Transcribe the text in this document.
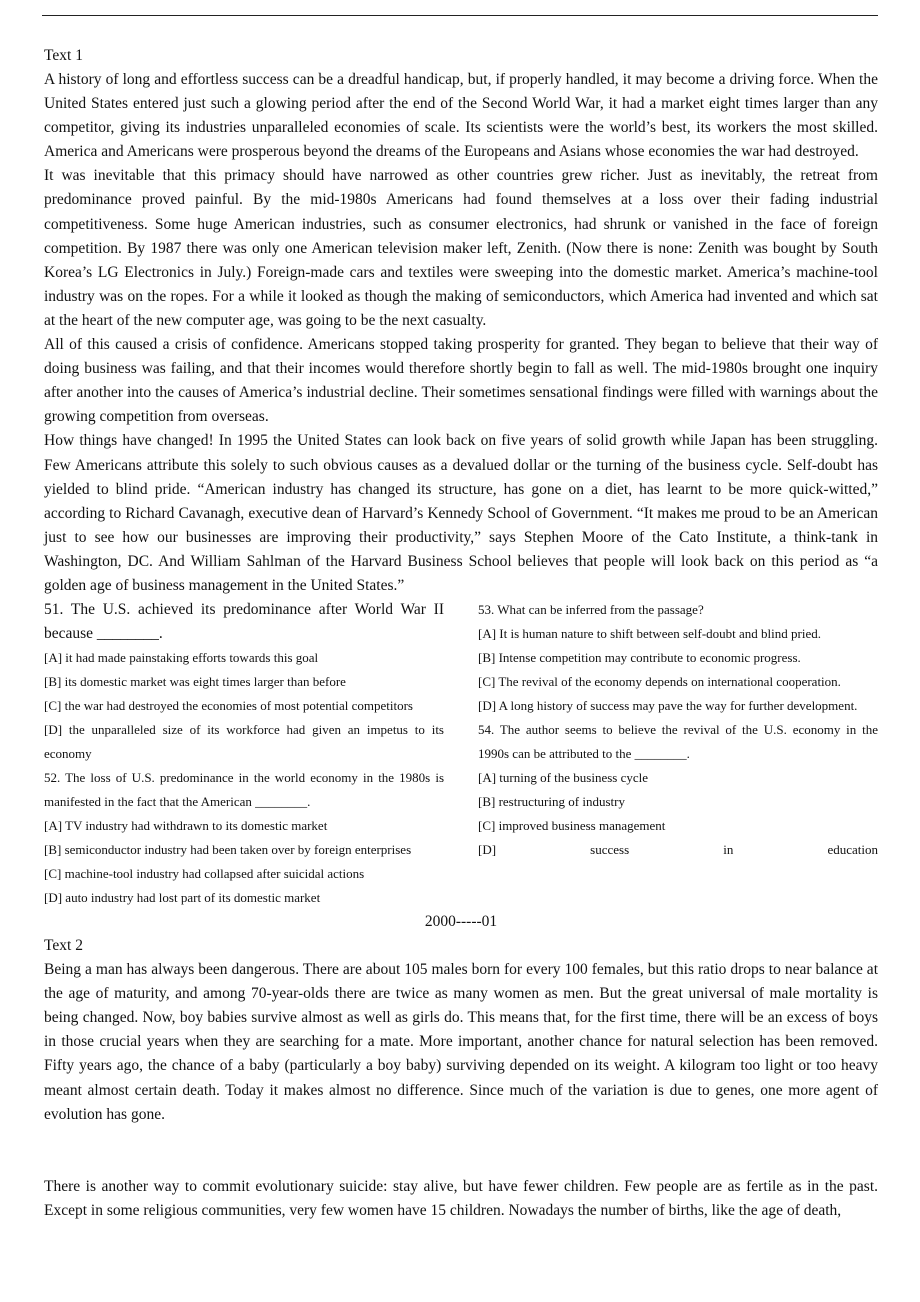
Text 1

A history of long and effortless success can be a dreadful handicap, but, if properly handled, it may become a driving force. When the United States entered just such a glowing period after the end of the Second World War, it had a market eight times larger than any competitor, giving its industries unparalleled economies of scale. Its scientists were the world’s best, its workers the most skilled. America and Americans were prosperous beyond the dreams of the Europeans and Asians whose economies the war had destroyed.

It was inevitable that this primacy should have narrowed as other countries grew richer. Just as inevitably, the retreat from predominance proved painful. By the mid-1980s Americans had found themselves at a loss over their fading industrial competitiveness. Some huge American industries, such as consumer electronics, had shrunk or vanished in the face of foreign competition. By 1987 there was only one American television maker left, Zenith. (Now there is none: Zenith was bought by South Korea’s LG Electronics in July.) Foreign-made cars and textiles were sweeping into the domestic market. America’s machine-tool industry was on the ropes. For a while it looked as though the making of semiconductors, which America had invented and which sat at the heart of the new computer age, was going to be the next casualty.

All of this caused a crisis of confidence. Americans stopped taking prosperity for granted. They began to believe that their way of doing business was failing, and that their incomes would therefore shortly begin to fall as well. The mid-1980s brought one inquiry after another into the causes of America’s industrial decline. Their sometimes sensational findings were filled with warnings about the growing competition from overseas.

How things have changed! In 1995 the United States can look back on five years of solid growth while Japan has been struggling. Few Americans attribute this solely to such obvious causes as a devalued dollar or the turning of the business cycle. Self-doubt has yielded to blind pride. “American industry has changed its structure, has gone on a diet, has learnt to be more quick-witted,” according to Richard Cavanagh, executive dean of Harvard’s Kennedy School of Government. “It makes me proud to be an American just to see how our businesses are improving their productivity,” says Stephen Moore of the Cato Institute, a think-tank in Washington, DC. And William Sahlman of the Harvard Business School believes that people will look back on this period as “a golden age of business management in the United States.”

51. The U.S. achieved its predominance after World War II
because ________.
[A] it had made painstaking efforts towards this goal
[B] its domestic market was eight times larger than before
[C] the war had destroyed the economies of most potential competitors
[D] the unparalleled size of its workforce had given an impetus to its economy
52. The loss of U.S. predominance in the world economy in the 1980s is manifested in the fact that the American ________.
[A] TV industry had withdrawn to its domestic market
[B] semiconductor industry had been taken over by foreign enterprises
[C] machine-tool industry had collapsed after suicidal actions
[D] auto industry had lost part of its domestic market
53. What can be inferred from the passage?
[A] It is human nature to shift between self-doubt and blind pried.
[B] Intense competition may contribute to economic progress.
[C] The revival of the economy depends on international cooperation.
[D] A long history of success may pave the way for further development.
54. The author seems to believe the revival of the U.S. economy in the 1990s can be attributed to the ________.
[A] turning of the business cycle
[B] restructuring of industry
[C] improved business management
[D] success in education
2000-----01
Text 2

Being a man has always been dangerous. There are about 105 males born for every 100 females, but this ratio drops to near balance at the age of maturity, and among 70-year-olds there are twice as many women as men. But the great universal of male mortality is being changed. Now, boy babies survive almost as well as girls do. This means that, for the first time, there will be an excess of boys in those crucial years when they are searching for a mate. More important, another chance for natural selection has been removed. Fifty years ago, the chance of a baby (particularly a boy baby) surviving depended on its weight. A kilogram too light or too heavy meant almost certain death. Today it makes almost no difference. Since much of the variation is due to genes, one more agent of evolution has gone.

There is another way to commit evolutionary suicide: stay alive, but have fewer children. Few people are as fertile as in the past. Except in some religious communities, very few women have 15 children. Nowadays the number of births, like the age of death,
